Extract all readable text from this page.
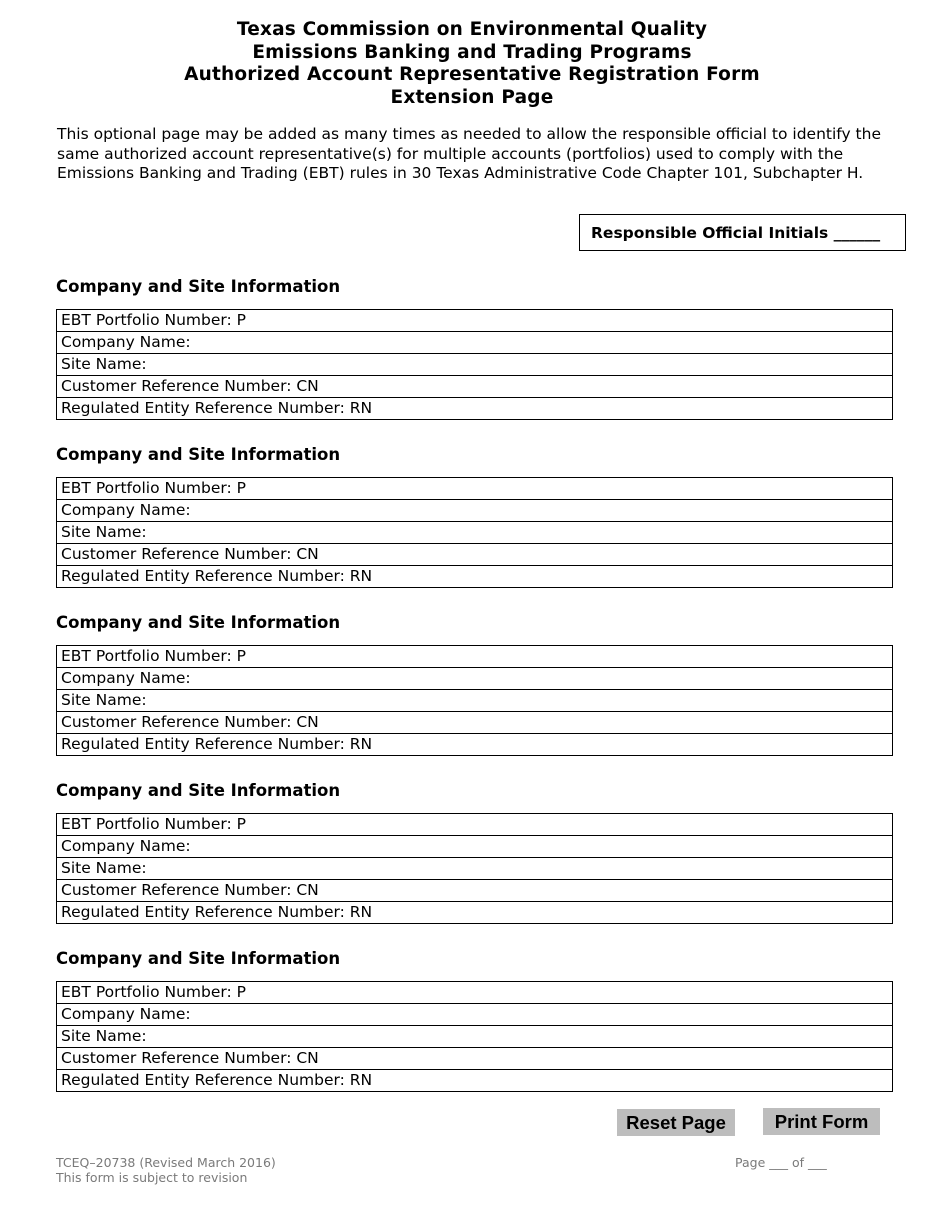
Texas Commission on Environmental Quality
Emissions Banking and Trading Programs
Authorized Account Representative Registration Form
Extension Page
This optional page may be added as many times as needed to allow the responsible official to identify the same authorized account representative(s) for multiple accounts (portfolios) used to comply with the Emissions Banking and Trading (EBT) rules in 30 Texas Administrative Code Chapter 101, Subchapter H.
Responsible Official Initials ______
Company and Site Information
EBT Portfolio Number: P
Company Name:
Site Name:
Customer Reference Number: CN
Regulated Entity Reference Number: RN
Company and Site Information
EBT Portfolio Number: P
Company Name:
Site Name:
Customer Reference Number: CN
Regulated Entity Reference Number: RN
Company and Site Information
EBT Portfolio Number: P
Company Name:
Site Name:
Customer Reference Number: CN
Regulated Entity Reference Number: RN
Company and Site Information
EBT Portfolio Number: P
Company Name:
Site Name:
Customer Reference Number: CN
Regulated Entity Reference Number: RN
Company and Site Information
EBT Portfolio Number: P
Company Name:
Site Name:
Customer Reference Number: CN
Regulated Entity Reference Number: RN
Reset Page	Print Form
TCEQ–20738 (Revised March 2016)
This form is subject to revision
Page ___ of ___
